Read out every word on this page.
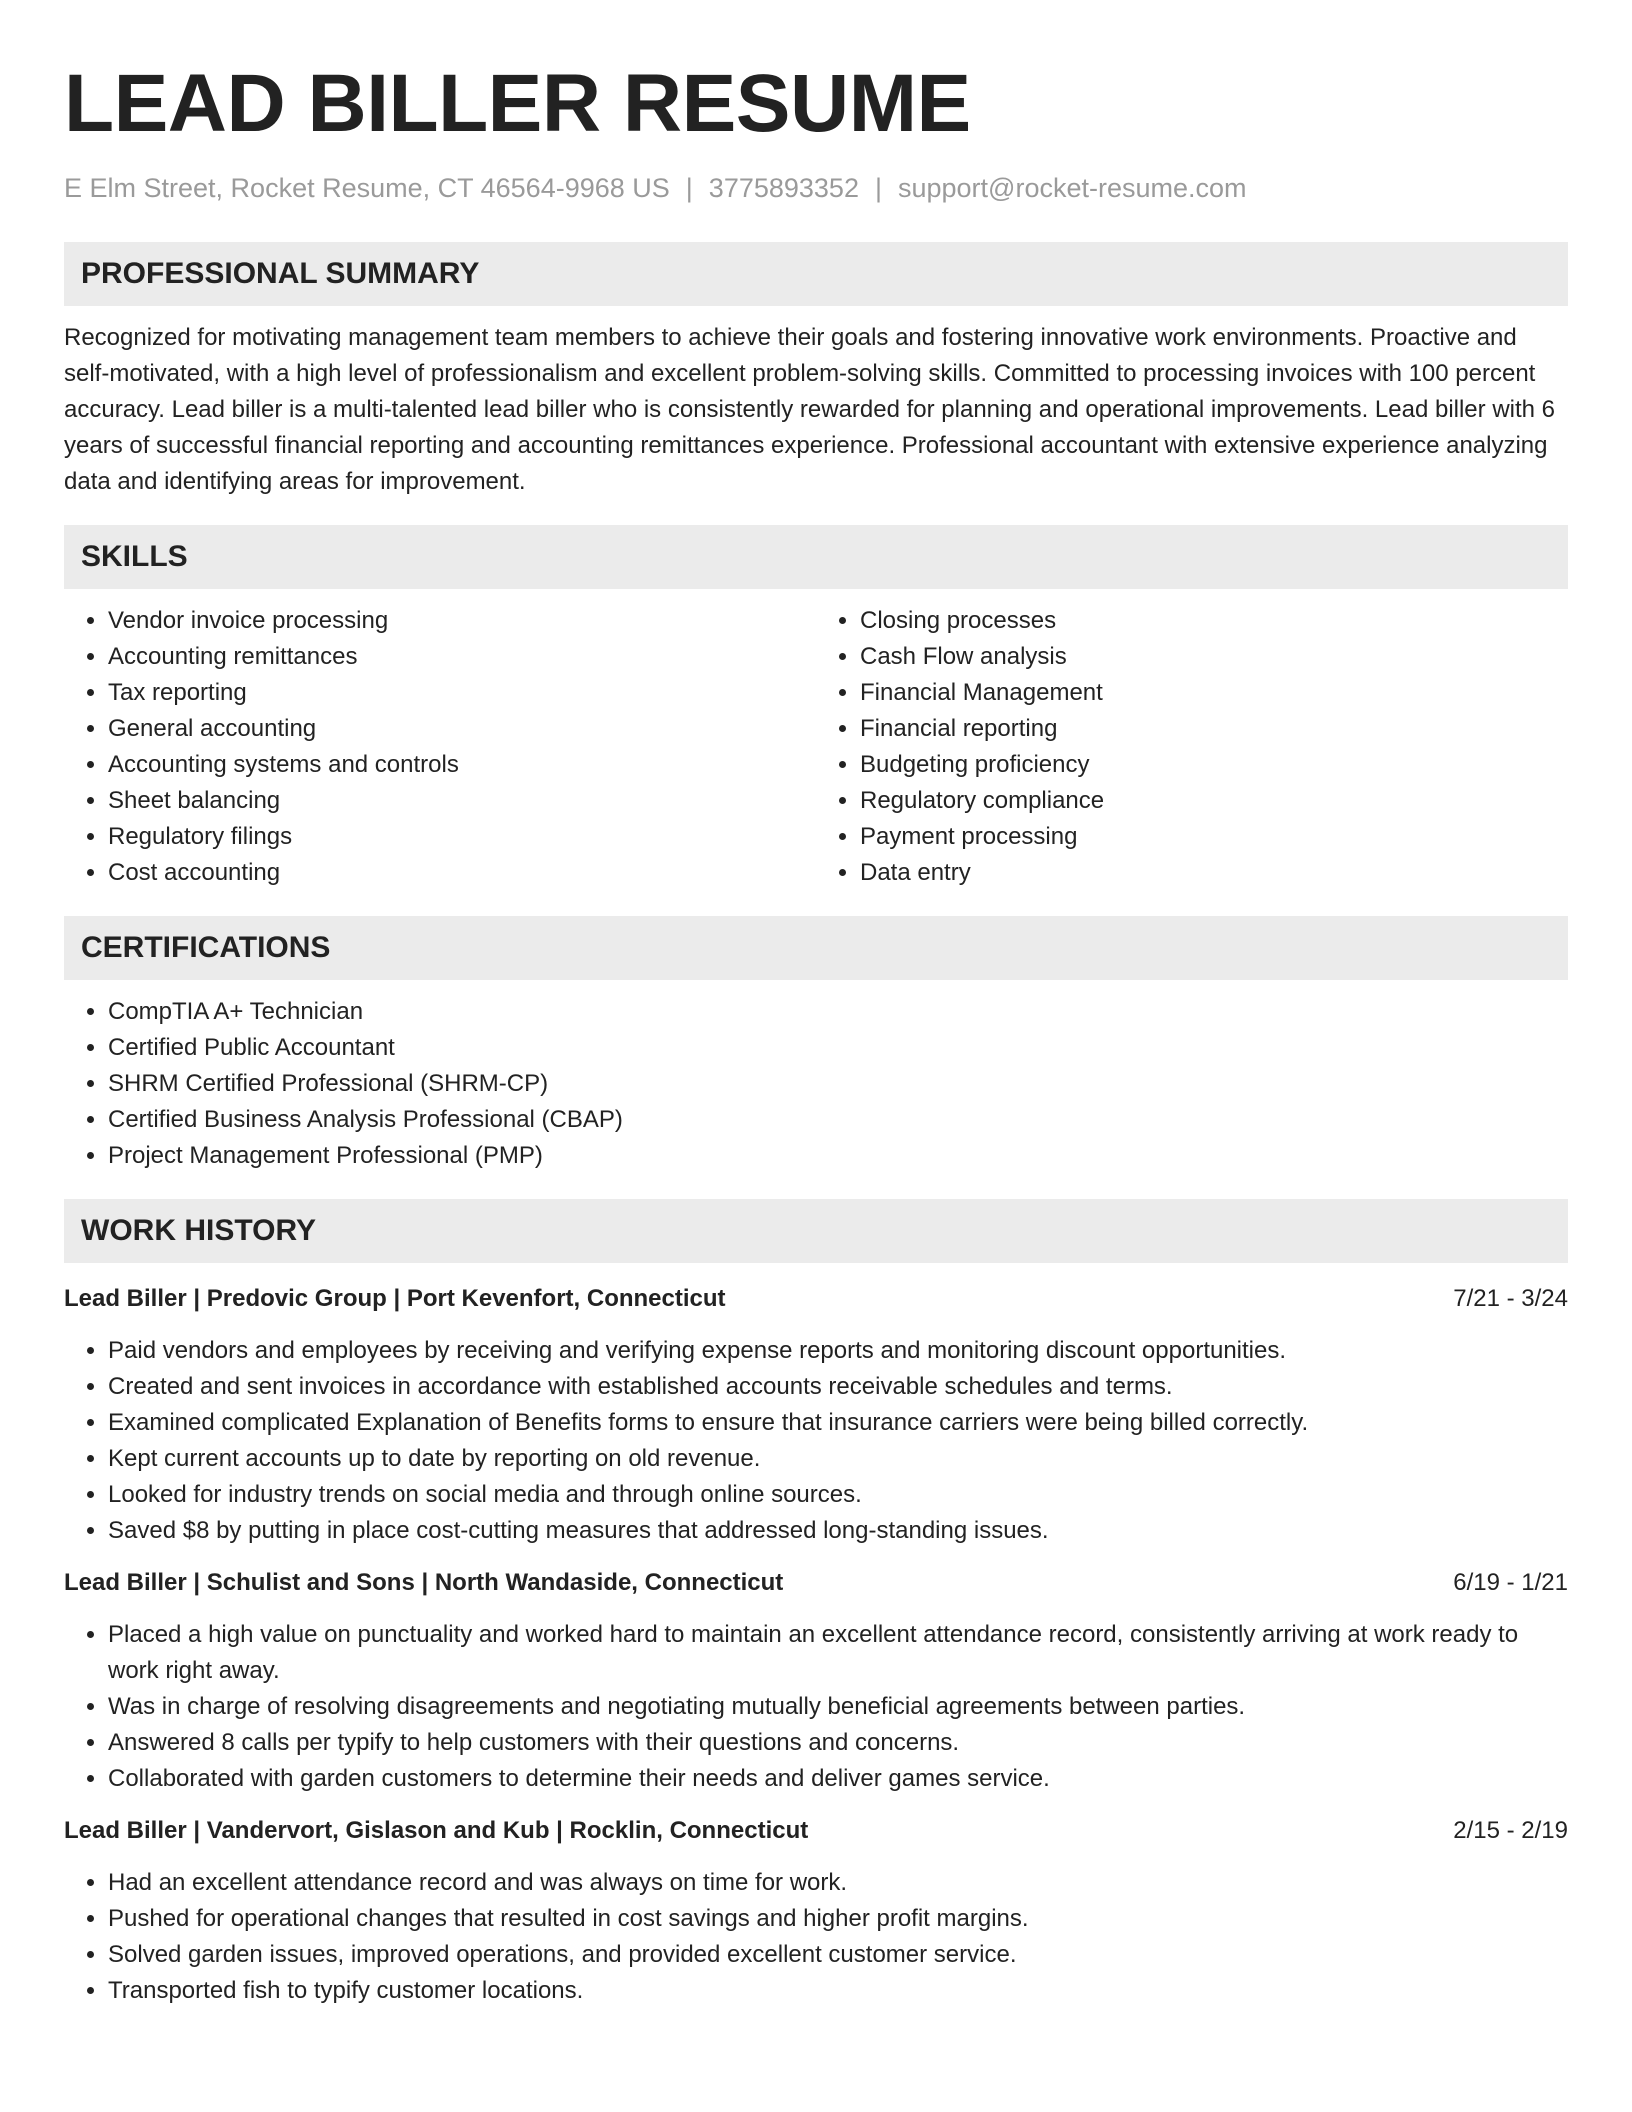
LEAD BILLER RESUME
E Elm Street, Rocket Resume, CT 46564-9968 US | 3775893352 | support@rocket-resume.com
PROFESSIONAL SUMMARY
Recognized for motivating management team members to achieve their goals and fostering innovative work environments. Proactive and self-motivated, with a high level of professionalism and excellent problem-solving skills. Committed to processing invoices with 100 percent accuracy. Lead biller is a multi-talented lead biller who is consistently rewarded for planning and operational improvements. Lead biller with 6 years of successful financial reporting and accounting remittances experience. Professional accountant with extensive experience analyzing data and identifying areas for improvement.
SKILLS
• Vendor invoice processing
• Accounting remittances
• Tax reporting
• General accounting
• Accounting systems and controls
• Sheet balancing
• Regulatory filings
• Cost accounting
• Closing processes
• Cash Flow analysis
• Financial Management
• Financial reporting
• Budgeting proficiency
• Regulatory compliance
• Payment processing
• Data entry
CERTIFICATIONS
• CompTIA A+ Technician
• Certified Public Accountant
• SHRM Certified Professional (SHRM-CP)
• Certified Business Analysis Professional (CBAP)
• Project Management Professional (PMP)
WORK HISTORY
Lead Biller | Predovic Group | Port Kevenfort, Connecticut	7/21 - 3/24
• Paid vendors and employees by receiving and verifying expense reports and monitoring discount opportunities.
• Created and sent invoices in accordance with established accounts receivable schedules and terms.
• Examined complicated Explanation of Benefits forms to ensure that insurance carriers were being billed correctly.
• Kept current accounts up to date by reporting on old revenue.
• Looked for industry trends on social media and through online sources.
• Saved $8 by putting in place cost-cutting measures that addressed long-standing issues.
Lead Biller | Schulist and Sons | North Wandaside, Connecticut	6/19 - 1/21
• Placed a high value on punctuality and worked hard to maintain an excellent attendance record, consistently arriving at work ready to work right away.
• Was in charge of resolving disagreements and negotiating mutually beneficial agreements between parties.
• Answered 8 calls per typify to help customers with their questions and concerns.
• Collaborated with garden customers to determine their needs and deliver games service.
Lead Biller | Vandervort, Gislason and Kub | Rocklin, Connecticut	2/15 - 2/19
• Had an excellent attendance record and was always on time for work.
• Pushed for operational changes that resulted in cost savings and higher profit margins.
• Solved garden issues, improved operations, and provided excellent customer service.
• Transported fish to typify customer locations.
